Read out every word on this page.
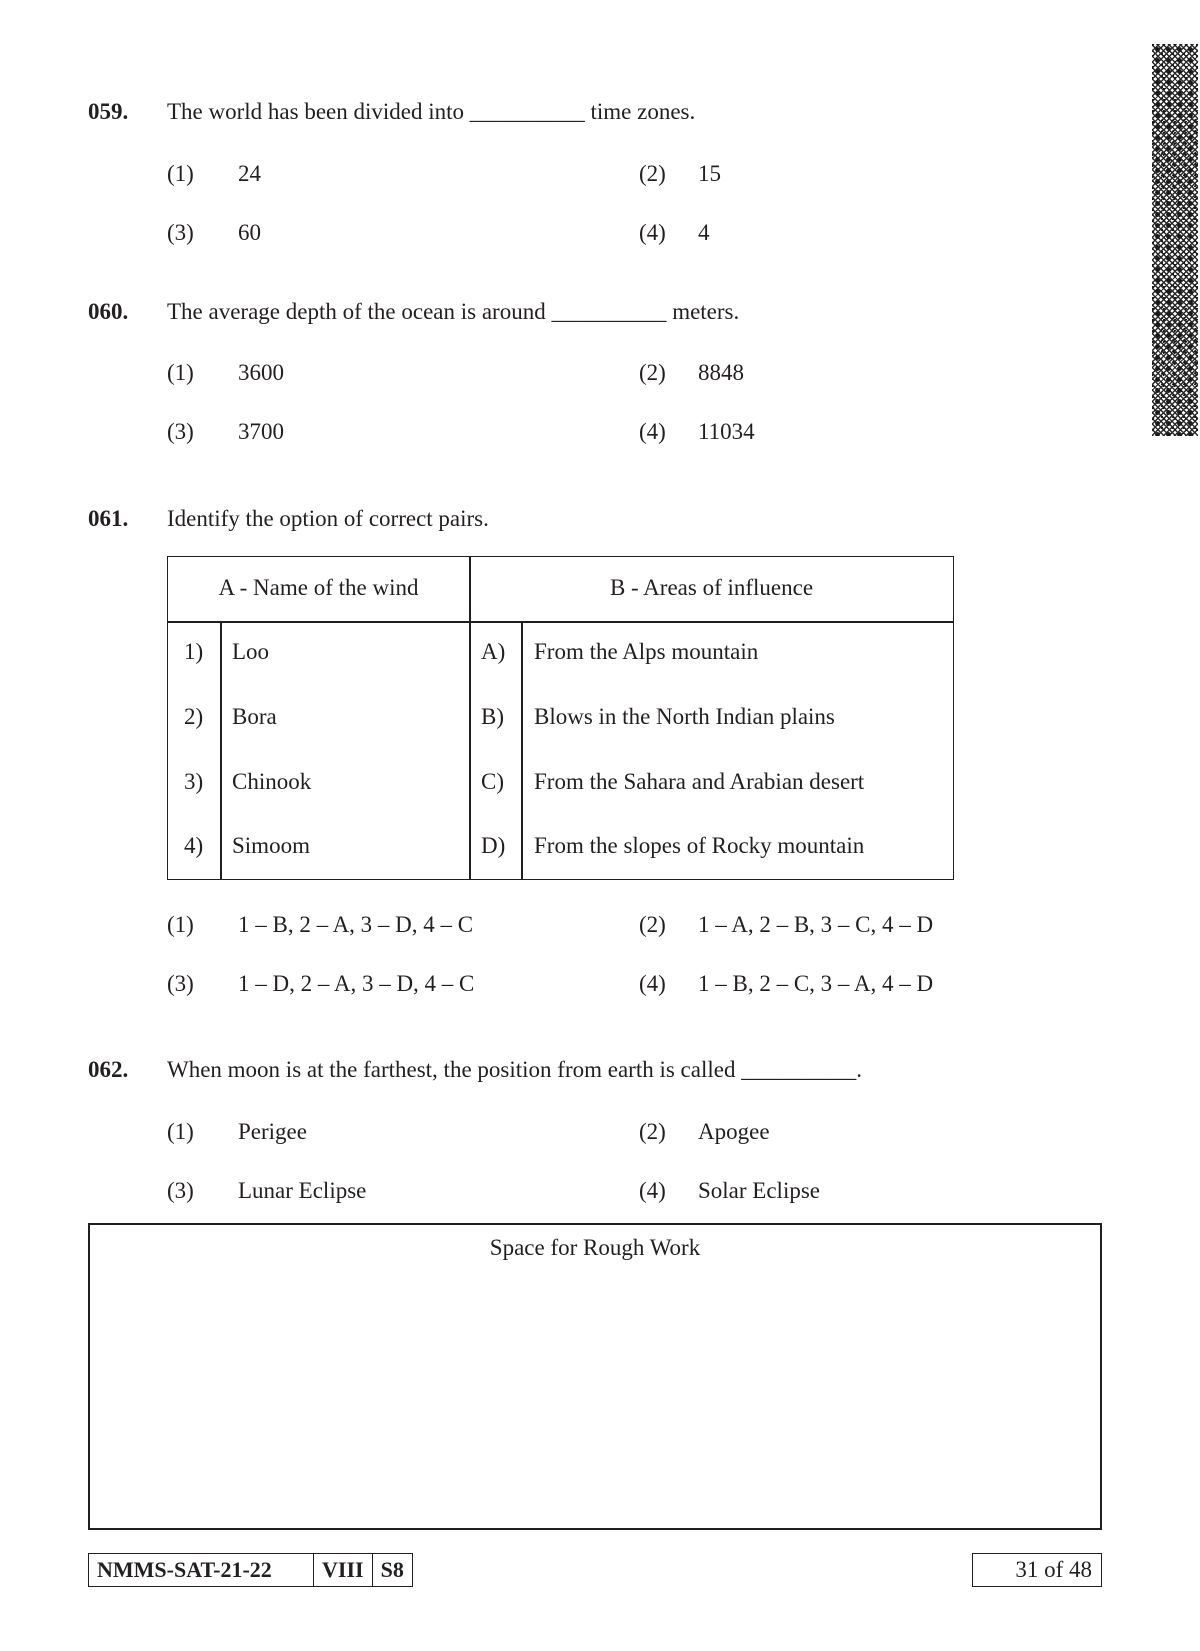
059. The world has been divided into __________ time zones.
(1) 24	(2) 15
(3) 60	(4) 4
060. The average depth of the ocean is around __________ meters.
(1) 3600	(2) 8848
(3) 3700	(4) 11034
061. Identify the option of correct pairs.
A - Name of the wind	B - Areas of influence
1) Loo	A) From the Alps mountain
2) Bora	B) Blows in the North Indian plains
3) Chinook	C) From the Sahara and Arabian desert
4) Simoom	D) From the slopes of Rocky mountain
(1) 1 – B, 2 – A, 3 – D, 4 – C	(2) 1 – A, 2 – B, 3 – C, 4 – D
(3) 1 – D, 2 – A, 3 – D, 4 – C	(4) 1 – B, 2 – C, 3 – A, 4 – D
062. When moon is at the farthest, the position from earth is called __________.
(1) Perigee	(2) Apogee
(3) Lunar Eclipse	(4) Solar Eclipse
Space for Rough Work
NMMS-SAT-21-22	VIII S8	31 of 48
